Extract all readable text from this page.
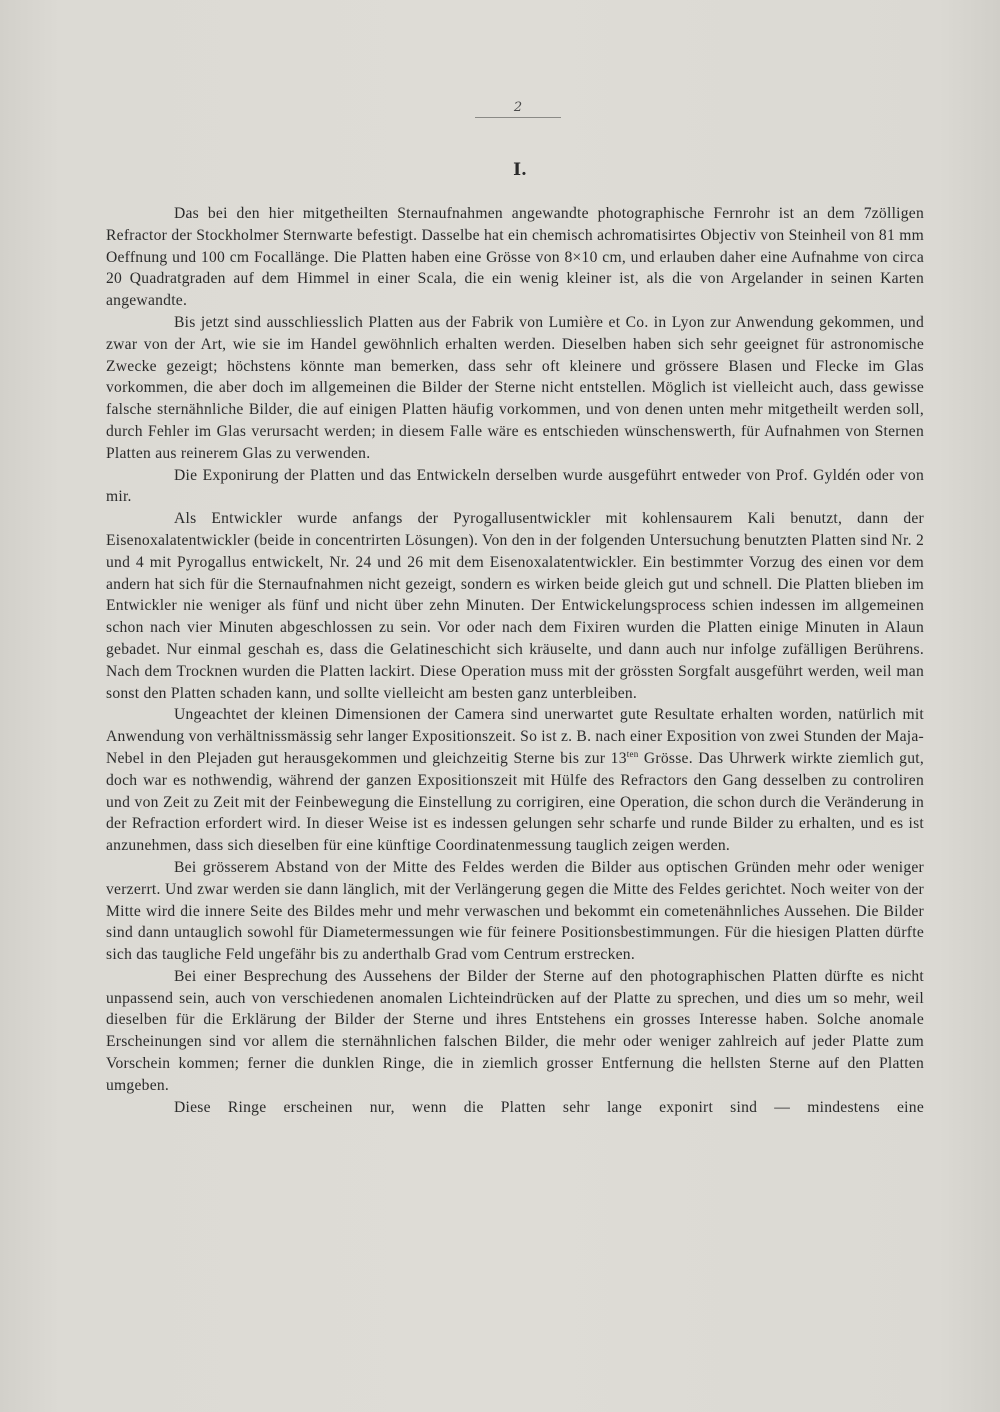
2
I.

Das bei den hier mitgetheilten Sternaufnahmen angewandte photographische Fernrohr ist an dem 7zölligen Refractor der Stockholmer Sternwarte befestigt. Dasselbe hat ein chemisch achromatisirtes Objectiv von Steinheil von 81 mm Oeffnung und 100 cm Focallänge. Die Platten haben eine Grösse von 8×10 cm, und erlauben daher eine Aufnahme von circa 20 Quadratgraden auf dem Himmel in einer Scala, die ein wenig kleiner ist, als die von Argelander in seinen Karten angewandte.

Bis jetzt sind ausschliesslich Platten aus der Fabrik von Lumière et Co. in Lyon zur Anwendung gekommen, und zwar von der Art, wie sie im Handel gewöhnlich erhalten werden. Dieselben haben sich sehr geeignet für astronomische Zwecke gezeigt; höchstens könnte man bemerken, dass sehr oft kleinere und grössere Blasen und Flecke im Glas vorkommen, die aber doch im allgemeinen die Bilder der Sterne nicht entstellen. Möglich ist vielleicht auch, dass gewisse falsche sternähnliche Bilder, die auf einigen Platten häufig vorkommen, und von denen unten mehr mitgetheilt werden soll, durch Fehler im Glas verursacht werden; in diesem Falle wäre es entschieden wünschenswerth, für Aufnahmen von Sternen Platten aus reinerem Glas zu verwenden.

Die Exponirung der Platten und das Entwickeln derselben wurde ausgeführt entweder von Prof. Gyldén oder von mir.

Als Entwickler wurde anfangs der Pyrogallusentwickler mit kohlensaurem Kali benutzt, dann der Eisenoxalatentwickler (beide in concentrirten Lösungen). Von den in der folgenden Untersuchung benutzten Platten sind Nr. 2 und 4 mit Pyrogallus entwickelt, Nr. 24 und 26 mit dem Eisenoxalatentwickler. Ein bestimmter Vorzug des einen vor dem andern hat sich für die Sternaufnahmen nicht gezeigt, sondern es wirken beide gleich gut und schnell. Die Platten blieben im Entwickler nie weniger als fünf und nicht über zehn Minuten. Der Entwickelungsprocess schien indessen im allgemeinen schon nach vier Minuten abgeschlossen zu sein. Vor oder nach dem Fixiren wurden die Platten einige Minuten in Alaun gebadet. Nur einmal geschah es, dass die Gelatineschicht sich kräuselte, und dann auch nur infolge zufälligen Berührens. Nach dem Trocknen wurden die Platten lackirt. Diese Operation muss mit der grössten Sorgfalt ausgeführt werden, weil man sonst den Platten schaden kann, und sollte vielleicht am besten ganz unterbleiben.

Ungeachtet der kleinen Dimensionen der Camera sind unerwartet gute Resultate erhalten worden, natürlich mit Anwendung von verhältnissmässig sehr langer Expositionszeit. So ist z. B. nach einer Exposition von zwei Stunden der Maja-Nebel in den Plejaden gut herausgekommen und gleichzeitig Sterne bis zur $13^{ten}$ Grösse. Das Uhrwerk wirkte ziemlich gut, doch war es nothwendig, während der ganzen Expositionszeit mit Hülfe des Refractors den Gang desselben zu controliren und von Zeit zu Zeit mit der Feinbewegung die Einstellung zu corrigiren, eine Operation, die schon durch die Veränderung in der Refraction erfordert wird. In dieser Weise ist es indessen gelungen sehr scharfe und runde Bilder zu erhalten, und es ist anzunehmen, dass sich dieselben für eine künftige Coordinatenmessung tauglich zeigen werden.

Bei grösserem Abstand von der Mitte des Feldes werden die Bilder aus optischen Gründen mehr oder weniger verzerrt. Und zwar werden sie dann länglich, mit der Verlängerung gegen die Mitte des Feldes gerichtet. Noch weiter von der Mitte wird die innere Seite des Bildes mehr und mehr verwaschen und bekommt ein cometenähnliches Aussehen. Die Bilder sind dann untauglich sowohl für Diametermessungen wie für feinere Positionsbestimmungen. Für die hiesigen Platten dürfte sich das taugliche Feld ungefähr bis zu anderthalb Grad vom Centrum erstrecken.

Bei einer Besprechung des Aussehens der Bilder der Sterne auf den photographischen Platten dürfte es nicht unpassend sein, auch von verschiedenen anomalen Lichteindrücken auf der Platte zu sprechen, und dies um so mehr, weil dieselben für die Erklärung der Bilder der Sterne und ihres Entstehens ein grosses Interesse haben. Solche anomale Erscheinungen sind vor allem die sternähnlichen falschen Bilder, die mehr oder weniger zahlreich auf jeder Platte zum Vorschein kommen; ferner die dunklen Ringe, die in ziemlich grosser Entfernung die hellsten Sterne auf den Platten umgeben.

Diese Ringe erscheinen nur, wenn die Platten sehr lange exponirt sind — mindestens eine
